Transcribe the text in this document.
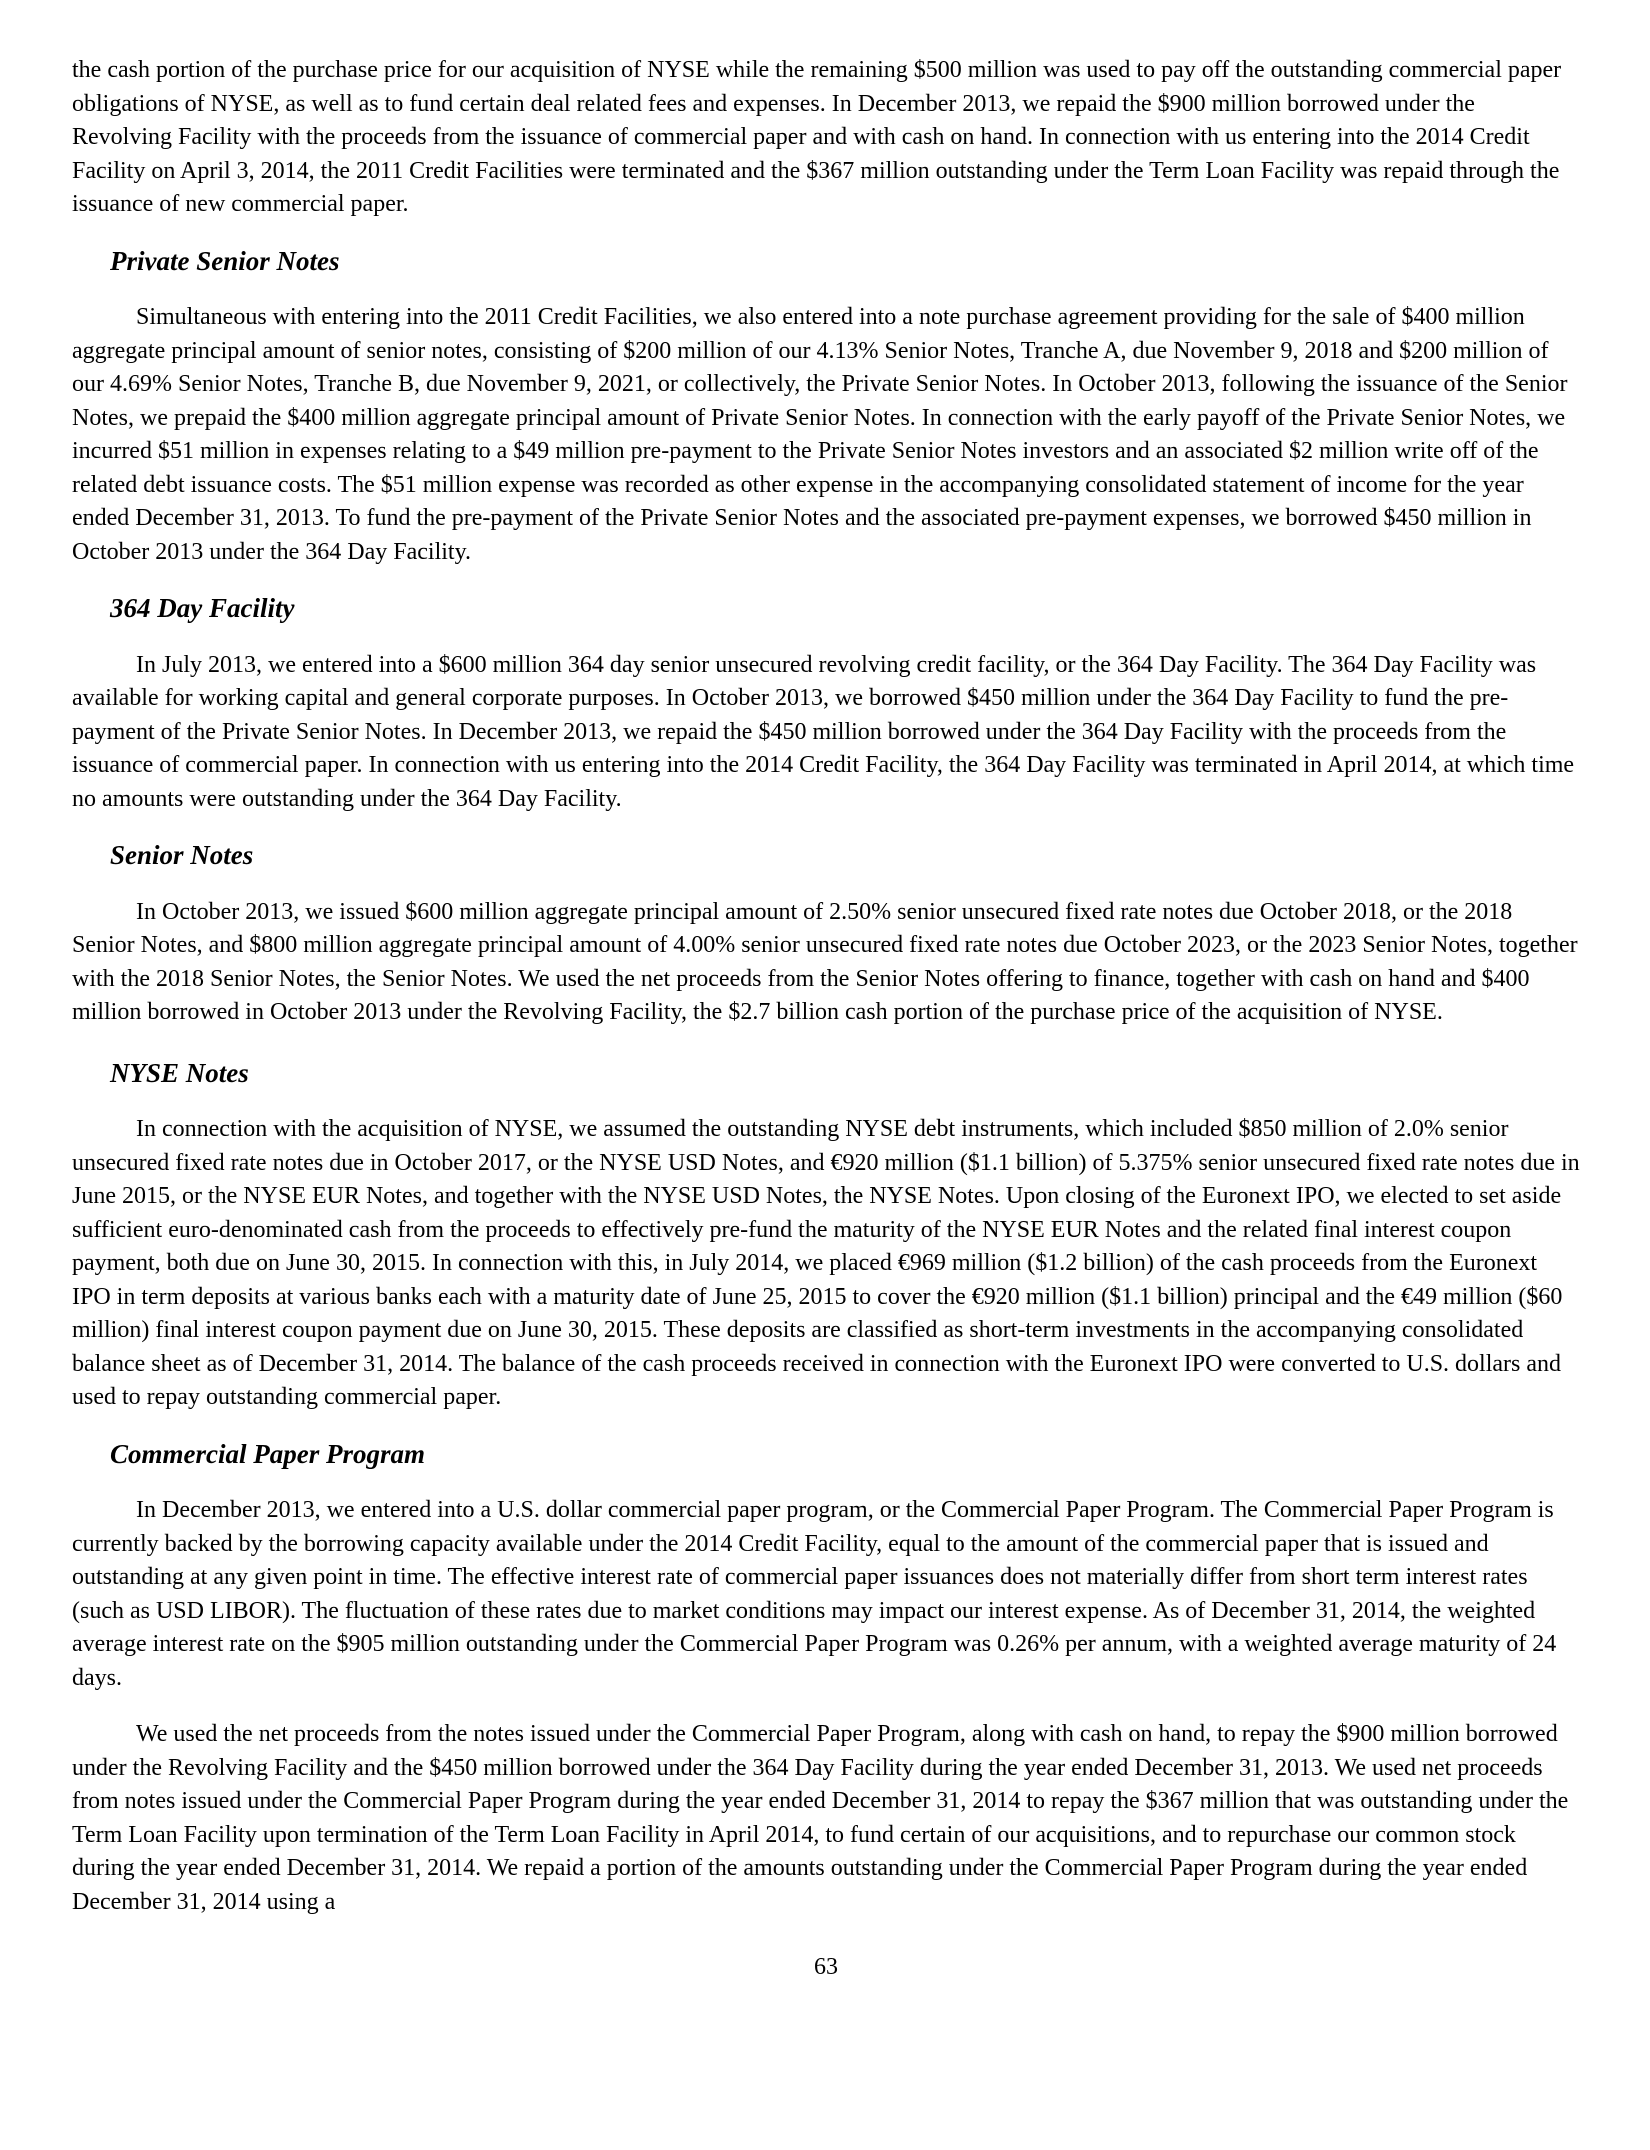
the cash portion of the purchase price for our acquisition of NYSE while the remaining $500 million was used to pay off the outstanding commercial paper obligations of NYSE, as well as to fund certain deal related fees and expenses. In December 2013, we repaid the $900 million borrowed under the Revolving Facility with the proceeds from the issuance of commercial paper and with cash on hand. In connection with us entering into the 2014 Credit Facility on April 3, 2014, the 2011 Credit Facilities were terminated and the $367 million outstanding under the Term Loan Facility was repaid through the issuance of new commercial paper.

Private Senior Notes

Simultaneous with entering into the 2011 Credit Facilities, we also entered into a note purchase agreement providing for the sale of $400 million aggregate principal amount of senior notes, consisting of $200 million of our 4.13% Senior Notes, Tranche A, due November 9, 2018 and $200 million of our 4.69% Senior Notes, Tranche B, due November 9, 2021, or collectively, the Private Senior Notes. In October 2013, following the issuance of the Senior Notes, we prepaid the $400 million aggregate principal amount of Private Senior Notes. In connection with the early payoff of the Private Senior Notes, we incurred $51 million in expenses relating to a $49 million pre-payment to the Private Senior Notes investors and an associated $2 million write off of the related debt issuance costs. The $51 million expense was recorded as other expense in the accompanying consolidated statement of income for the year ended December 31, 2013. To fund the pre-payment of the Private Senior Notes and the associated pre-payment expenses, we borrowed $450 million in October 2013 under the 364 Day Facility.

364 Day Facility

In July 2013, we entered into a $600 million 364 day senior unsecured revolving credit facility, or the 364 Day Facility. The 364 Day Facility was available for working capital and general corporate purposes. In October 2013, we borrowed $450 million under the 364 Day Facility to fund the pre-payment of the Private Senior Notes. In December 2013, we repaid the $450 million borrowed under the 364 Day Facility with the proceeds from the issuance of commercial paper. In connection with us entering into the 2014 Credit Facility, the 364 Day Facility was terminated in April 2014, at which time no amounts were outstanding under the 364 Day Facility.

Senior Notes

In October 2013, we issued $600 million aggregate principal amount of 2.50% senior unsecured fixed rate notes due October 2018, or the 2018 Senior Notes, and $800 million aggregate principal amount of 4.00% senior unsecured fixed rate notes due October 2023, or the 2023 Senior Notes, together with the 2018 Senior Notes, the Senior Notes. We used the net proceeds from the Senior Notes offering to finance, together with cash on hand and $400 million borrowed in October 2013 under the Revolving Facility, the $2.7 billion cash portion of the purchase price of the acquisition of NYSE.

NYSE Notes

In connection with the acquisition of NYSE, we assumed the outstanding NYSE debt instruments, which included $850 million of 2.0% senior unsecured fixed rate notes due in October 2017, or the NYSE USD Notes, and €920 million ($1.1 billion) of 5.375% senior unsecured fixed rate notes due in June 2015, or the NYSE EUR Notes, and together with the NYSE USD Notes, the NYSE Notes. Upon closing of the Euronext IPO, we elected to set aside sufficient euro-denominated cash from the proceeds to effectively pre-fund the maturity of the NYSE EUR Notes and the related final interest coupon payment, both due on June 30, 2015. In connection with this, in July 2014, we placed €969 million ($1.2 billion) of the cash proceeds from the Euronext IPO in term deposits at various banks each with a maturity date of June 25, 2015 to cover the €920 million ($1.1 billion) principal and the €49 million ($60 million) final interest coupon payment due on June 30, 2015. These deposits are classified as short-term investments in the accompanying consolidated balance sheet as of December 31, 2014. The balance of the cash proceeds received in connection with the Euronext IPO were converted to U.S. dollars and used to repay outstanding commercial paper.

Commercial Paper Program

In December 2013, we entered into a U.S. dollar commercial paper program, or the Commercial Paper Program. The Commercial Paper Program is currently backed by the borrowing capacity available under the 2014 Credit Facility, equal to the amount of the commercial paper that is issued and outstanding at any given point in time. The effective interest rate of commercial paper issuances does not materially differ from short term interest rates (such as USD LIBOR). The fluctuation of these rates due to market conditions may impact our interest expense. As of December 31, 2014, the weighted average interest rate on the $905 million outstanding under the Commercial Paper Program was 0.26% per annum, with a weighted average maturity of 24 days.

We used the net proceeds from the notes issued under the Commercial Paper Program, along with cash on hand, to repay the $900 million borrowed under the Revolving Facility and the $450 million borrowed under the 364 Day Facility during the year ended December 31, 2013. We used net proceeds from notes issued under the Commercial Paper Program during the year ended December 31, 2014 to repay the $367 million that was outstanding under the Term Loan Facility upon termination of the Term Loan Facility in April 2014, to fund certain of our acquisitions, and to repurchase our common stock during the year ended December 31, 2014. We repaid a portion of the amounts outstanding under the Commercial Paper Program during the year ended December 31, 2014 using a

63
